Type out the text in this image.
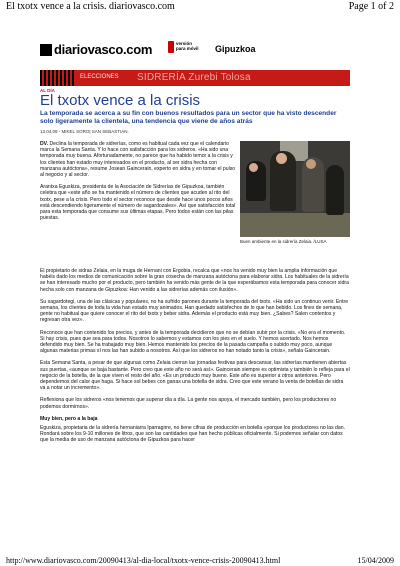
El txotx vence a la crisis. diariovasco.com	Page 1 of 2
diariovasco.com	versión
para móvil Gipuzkoa
ELECCIONES SIDRERÍA Zurebi Tolosa
AL DÍA
El txotx vence a la crisis

La temporada se acerca a su fin con buenos resultados para un sector que ha visto descender solo ligeramente la clientela, una tendencia que viene de años atrás

13.04.09 - MIKEL SORO| SAN SEBASTIÁN.

DV. Declina la temporada de sidrerías, como es habitual cada vez que el calendario marca la Semana Santa. Y lo hace con satisfacción para los sidreros. «Ha sido una temporada muy buena. Afortunadamente, no parece que ha habido temor a la crisis y los clientes han estado muy interesados en el producto, al ser sidra hecha con manzana autóctona», resume Josean Gaincerain, experto en sidra y en tomar el pulso al negocio y al sector.

Arantxa Eguskiza, presidenta de la Asociación de Sidrerías de Gipuzkoa, también celebra que «este año se ha mantenido el número de clientes que acuden al rito del txotx, pese a la crisis. Pero todo el sector reconoce que desde hace unos pocos años está descendiendo ligeramente el número de sagardozales». Así que satisfacción total para esta temporada que consume sus últimas etapas. Pero todos están con las pilas puestas.

Buen ambiente en la sidrería Zelaia. /LUSA

El propietario de sidras Zelaia, en la muga de Hernani con Ergobia, recalca que «nos ha venido muy bien la amplia información que habéis dado los medios de comunicación sobre la gran cosecha de manzana autóctona para elaborar sidra. Los habituales de la sidrería se han interesado mucho por el producto, pero también ha venido más gente de la que esperábamos esta temporada para conocer sidra hecha solo con manzana de Gipuzkoa: Han venido a las sidrerías además con ilusión».

Su sagardotegi, una de las clásicas y populares, no ha sufrido parones durante la temporada del txotx. «Ha sido un continuo venir. Entre semana, los clientes de toda la vida han estado muy animados. Han quedado satisfechos de lo que han bebido. Los fines de semana, gente no habitual que quiere conocer el rito del txotx y beber sidra. Además el producto está muy bien. ¿Sabes? Salen contentos y regresan otra vez».

Reconoce que han contenido los precios, y antes de la temporada decidieron que no se debían subir por la crisis. «No era el momento. Si hay crisis, pues que sea para todos. Nosotros lo sabemos y estamos con los pies en el suelo. Y hemos acertado. Nos hemos defendido muy bien. Se ha trabajado muy bien. Hemos mantenido los precios de la pasada campaña o subido muy poco, aunque algunas materias primas sí nos las han subido a nosotros. Así que los sidreros no han notado tanto la crisis», señala Gaincerain.

Esta Semana Santa, a pesar de que algunas como Zelaia cierran las jornadas festivas para descansar, las sidrerías mantienen abiertas sus puertas, «aunque se baja bastante. Pero creo que este año no será así». Gaincerain siempre es optimista y también lo refleja para el negocio de la botella, de la que viven el resto del año. «Es un producto muy bueno. Este año es superior a otros anteriores. Pero dependemos del calor que haga. Si hace sol bebes con ganas una botella de sidra. Creo que este verano la venta de botellas de sidra va a notar un incremento».

Reflexiona que los sidreros «nos tenemos que superar día a día. La gente nos apoya, el mercado también, pero los productores no podemos dormirnos».

Muy bien, pero a la baja

Eguskiza, propietaria de la sidrería hernaniarra Iparragirre, no tiene cifras de producción en botella «porque los productores no las dan. Rondará sobre los 9-10 millones de litros, que son las cantidades que han hecho públicas oficialmente. Si podemos señalar con datos que la media de uso de manzana autóctona de Gipuzkoa para hacer

http://www.diariovasco.com/20090413/al-dia-local/txotx-vence-crisis-20090413.html	15/04/2009
